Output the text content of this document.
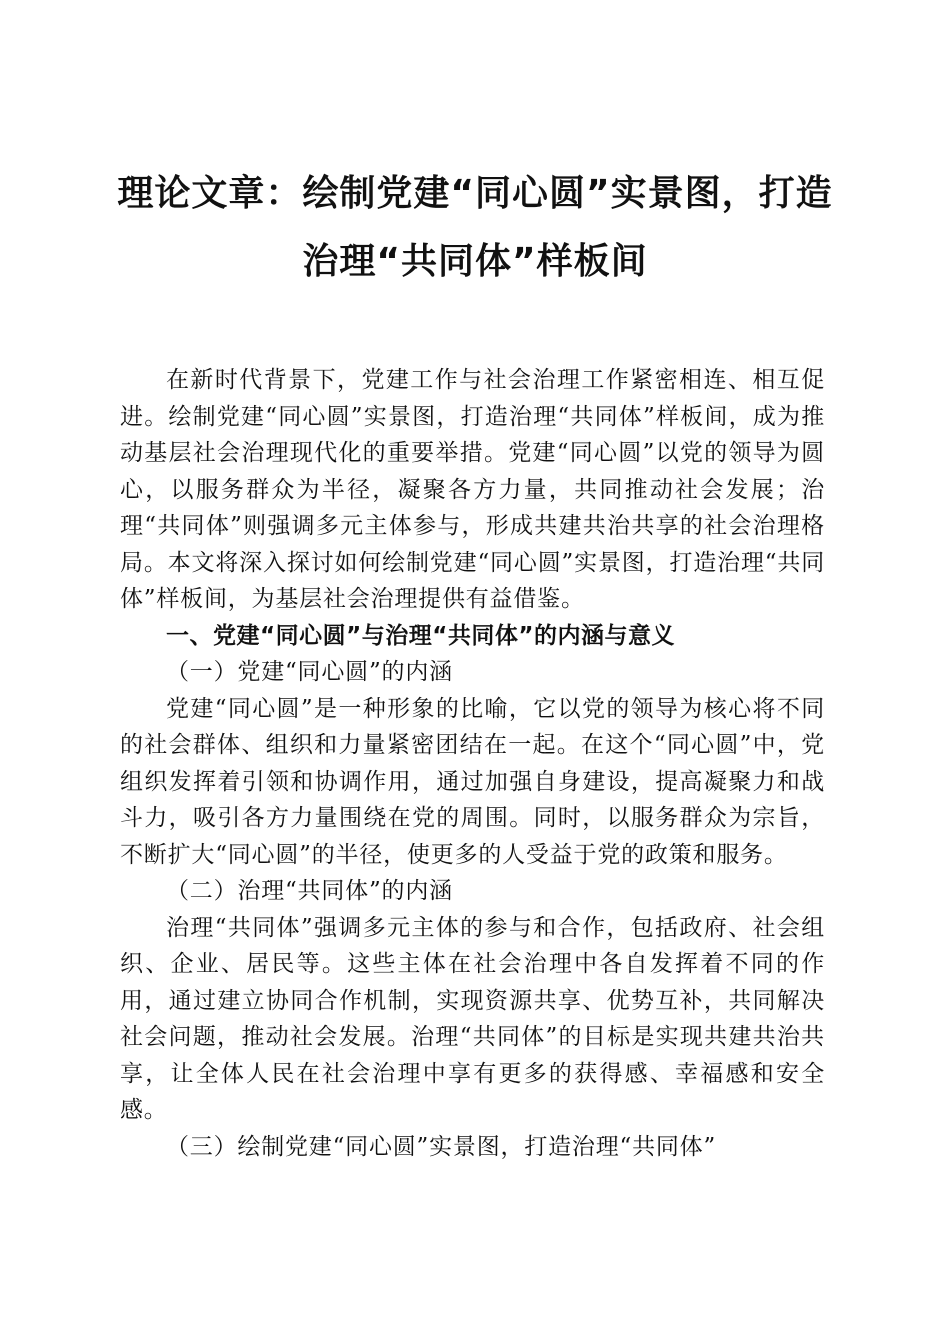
理论文章：绘制党建“同心圆”实景图，打造
治理“共同体”样板间

在新时代背景下，党建工作与社会治理工作紧密相连、相互促进。绘制党建“同心圆”实景图，打造治理“共同体”样板间，成为推动基层社会治理现代化的重要举措。党建“同心圆”以党的领导为圆心，以服务群众为半径，凝聚各方力量，共同推动社会发展；治理“共同体”则强调多元主体参与，形成共建共治共享的社会治理格局。本文将深入探讨如何绘制党建“同心圆”实景图，打造治理“共同体”样板间，为基层社会治理提供有益借鉴。

一、党建“同心圆”与治理“共同体”的内涵与意义

（一）党建“同心圆”的内涵

党建“同心圆”是一种形象的比喻，它以党的领导为核心将不同的社会群体、组织和力量紧密团结在一起。在这个“同心圆”中，党组织发挥着引领和协调作用，通过加强自身建设，提高凝聚力和战斗力，吸引各方力量围绕在党的周围。同时，以服务群众为宗旨，不断扩大“同心圆”的半径，使更多的人受益于党的政策和服务。

（二）治理“共同体”的内涵

治理“共同体”强调多元主体的参与和合作，包括政府、社会组织、企业、居民等。这些主体在社会治理中各自发挥着不同的作用，通过建立协同合作机制，实现资源共享、优势互补，共同解决社会问题，推动社会发展。治理“共同体”的目标是实现共建共治共享，让全体人民在社会治理中享有更多的获得感、幸福感和安全感。

（三）绘制党建“同心圆”实景图，打造治理“共同体”
